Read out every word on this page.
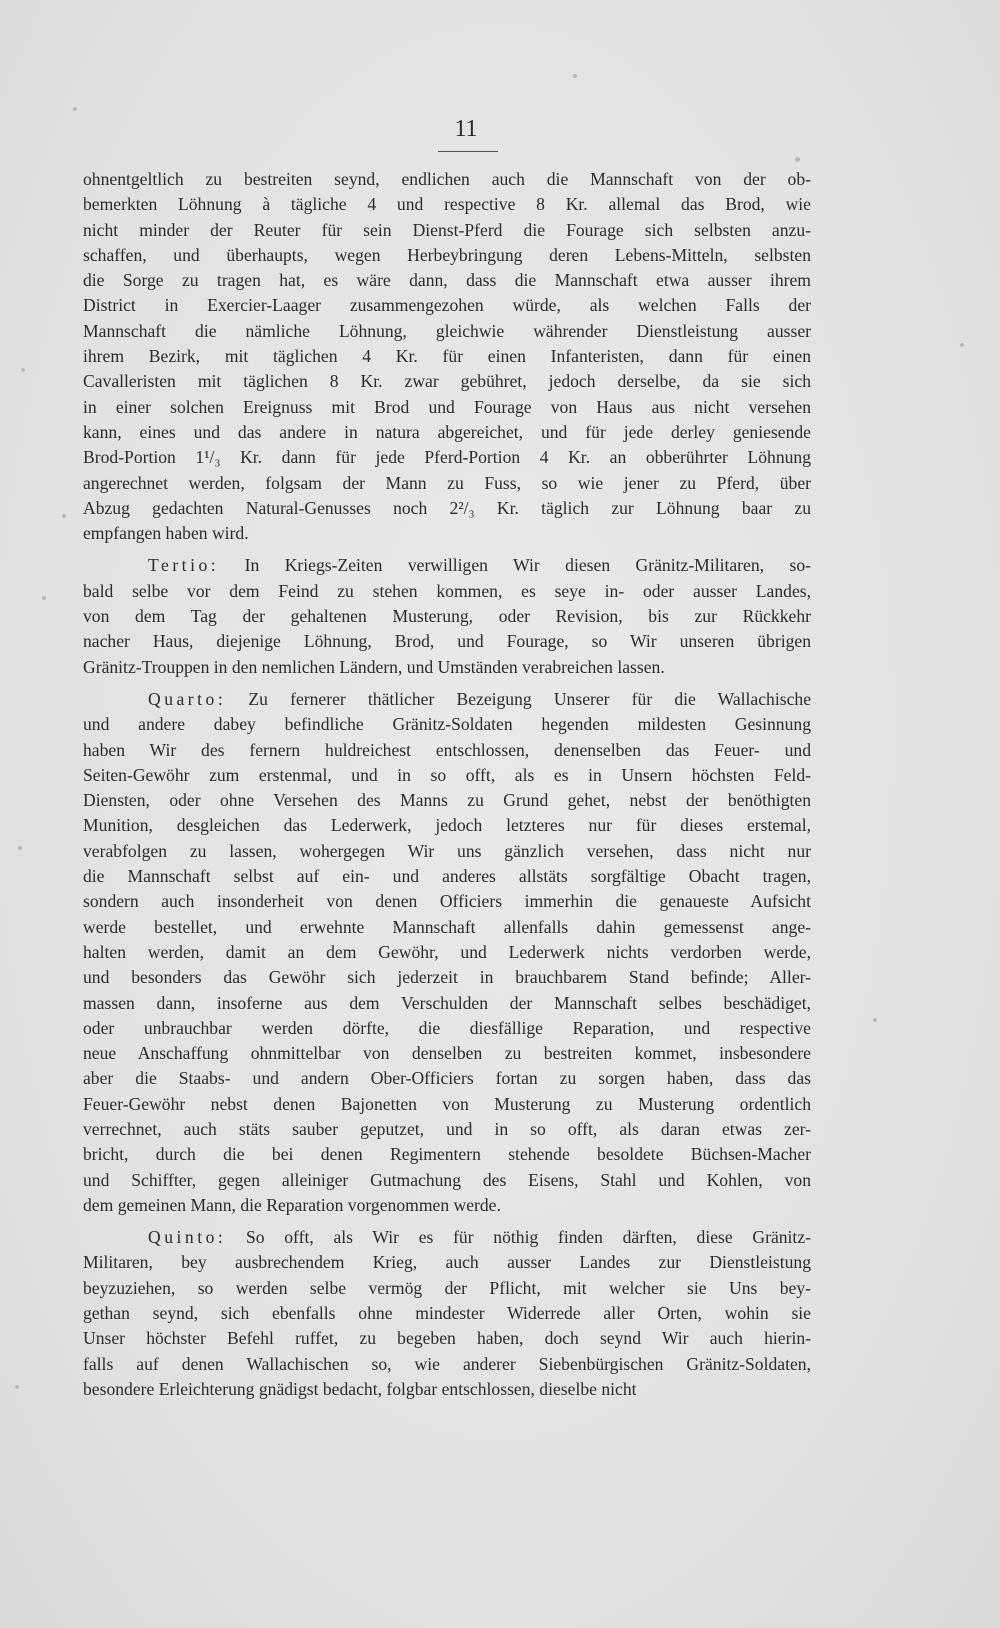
11
ohnentgeltlich zu bestreiten seynd, endlichen auch die Mannschaft von der ob-
bemerkten Löhnung à tägliche 4 und respective 8 Kr. allemal das Brod, wie
nicht minder der Reuter für sein Dienst-Pferd die Fourage sich selbsten anzu-
schaffen, und überhaupts, wegen Herbeybringung deren Lebens-Mitteln, selbsten
die Sorge zu tragen hat, es wäre dann, dass die Mannschaft etwa ausser ihrem
District in Exercier-Laager zusammengezohen würde, als welchen Falls der
Mannschaft die nämliche Löhnung, gleichwie währender Dienstleistung ausser
ihrem Bezirk, mit täglichen 4 Kr. für einen Infanteristen, dann für einen
Cavalleristen mit täglichen 8 Kr. zwar gebühret, jedoch derselbe, da sie sich
in einer solchen Ereignuss mit Brod und Fourage von Haus aus nicht versehen
kann, eines und das andere in natura abgereichet, und für jede derley geniesende
Brod-Portion 1¹/₃ Kr. dann für jede Pferd-Portion 4 Kr. an obberührter Löhnung
angerechnet werden, folgsam der Mann zu Fuss, so wie jener zu Pferd, über
Abzug gedachten Natural-Genusses noch 2²/₃ Kr. täglich zur Löhnung baar zu
empfangen haben wird.
Tertio: In Kriegs-Zeiten verwilligen Wir diesen Gränitz-Militaren, so-
bald selbe vor dem Feind zu stehen kommen, es seye in- oder ausser Landes,
von dem Tag der gehaltenen Musterung, oder Revision, bis zur Rückkehr
nacher Haus, diejenige Löhnung, Brod, und Fourage, so Wir unseren übrigen
Gränitz-Trouppen in den nemlichen Ländern, und Umständen verabreichen lassen.
Quarto: Zu fernerer thätlicher Bezeigung Unserer für die Wallachische
und andere dabey befindliche Gränitz-Soldaten hegenden mildesten Gesinnung
haben Wir des fernern huldreichest entschlossen, denenselben das Feuer- und
Seiten-Gewöhr zum erstenmal, und in so offt, als es in Unsern höchsten Feld-
Diensten, oder ohne Versehen des Manns zu Grund gehet, nebst der benöthigten
Munition, desgleichen das Lederwerk, jedoch letzteres nur für dieses erstemal,
verabfolgen zu lassen, wohergegen Wir uns gänzlich versehen, dass nicht nur
die Mannschaft selbst auf ein- und anderes allstäts sorgfältige Obacht tragen,
sondern auch insonderheit von denen Officiers immerhin die genaueste Aufsicht
werde bestellet, und erwehnte Mannschaft allenfalls dahin gemessenst ange-
halten werden, damit an dem Gewöhr, und Lederwerk nichts verdorben werde,
und besonders das Gewöhr sich jederzeit in brauchbarem Stand befinde; Aller-
massen dann, insoferne aus dem Verschulden der Mannschaft selbes beschädiget,
oder unbrauchbar werden dörfte, die diesfällige Reparation, und respective
neue Anschaffung ohnmittelbar von denselben zu bestreiten kommet, insbesondere
aber die Staabs- und andern Ober-Officiers fortan zu sorgen haben, dass das
Feuer-Gewöhr nebst denen Bajonetten von Musterung zu Musterung ordentlich
verrechnet, auch stäts sauber geputzet, und in so offt, als daran etwas zer-
bricht, durch die bei denen Regimentern stehende besoldete Büchsen-Macher
und Schiffter, gegen alleiniger Gutmachung des Eisens, Stahl und Kohlen, von
dem gemeinen Mann, die Reparation vorgenommen werde.
Quinto: So offt, als Wir es für nöthig finden därften, diese Gränitz-
Militaren, bey ausbrechendem Krieg, auch ausser Landes zur Dienstleistung
beyzuziehen, so werden selbe vermög der Pflicht, mit welcher sie Uns bey-
gethan seynd, sich ebenfalls ohne mindester Widerrede aller Orten, wohin sie
Unser höchster Befehl ruffet, zu begeben haben, doch seynd Wir auch hierin-
falls auf denen Wallachischen so, wie anderer Siebenbürgischen Gränitz-Soldaten,
besondere Erleichterung gnädigst bedacht, folgbar entschlossen, dieselbe nicht
